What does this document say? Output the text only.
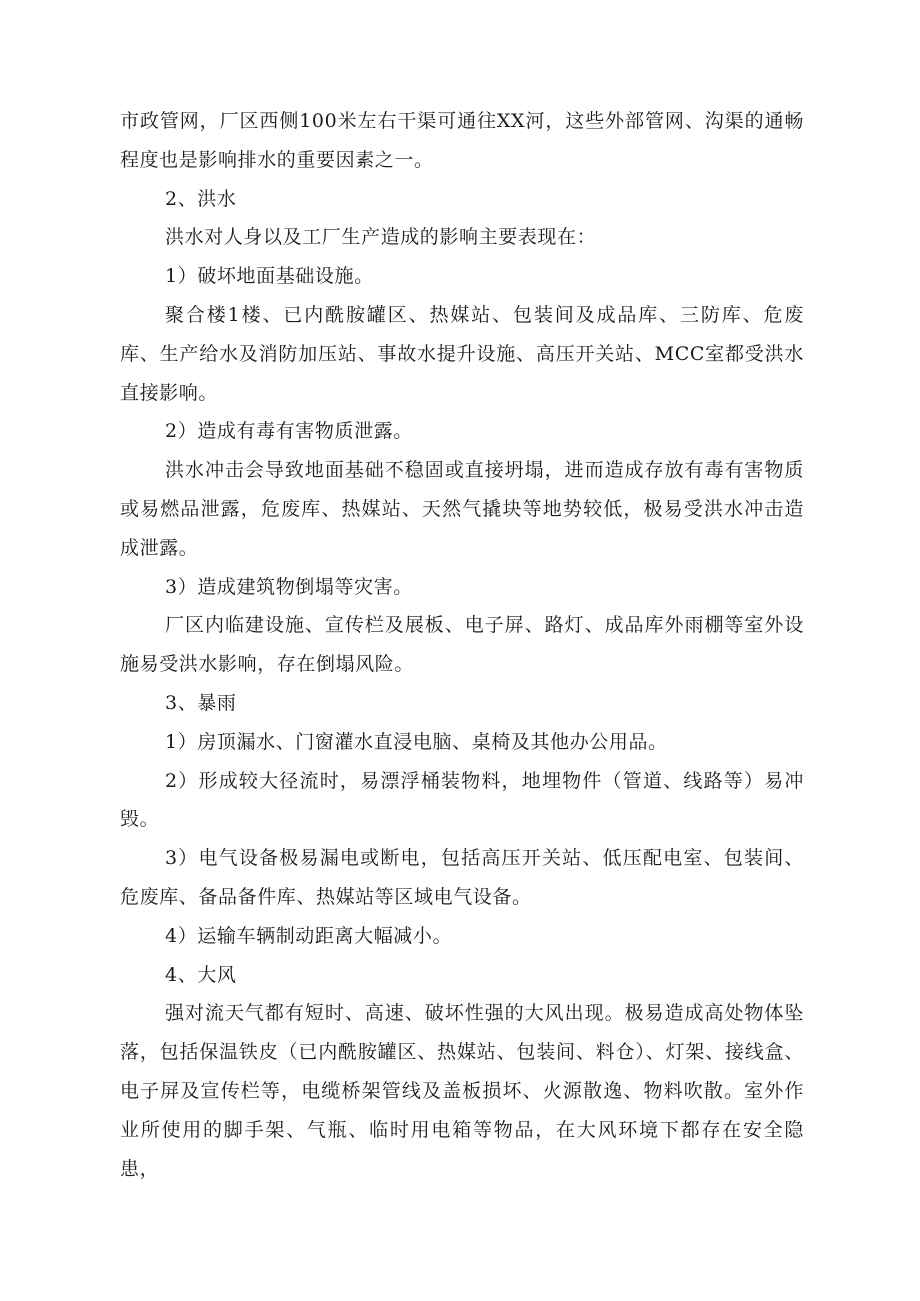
市政管网，厂区西侧100米左右干渠可通往XX河，这些外部管网、沟渠的通畅程度也是影响排水的重要因素之一。

2、洪水

洪水对人身以及工厂生产造成的影响主要表现在：

1）破坏地面基础设施。

聚合楼1楼、已内酰胺罐区、热媒站、包装间及成品库、三防库、危废库、生产给水及消防加压站、事故水提升设施、高压开关站、MCC室都受洪水直接影响。

2）造成有毒有害物质泄露。

洪水冲击会导致地面基础不稳固或直接坍塌，进而造成存放有毒有害物质或易燃品泄露，危废库、热媒站、天然气撬块等地势较低，极易受洪水冲击造成泄露。

3）造成建筑物倒塌等灾害。

厂区内临建设施、宣传栏及展板、电子屏、路灯、成品库外雨棚等室外设施易受洪水影响，存在倒塌风险。

3、暴雨

1）房顶漏水、门窗灌水直浸电脑、桌椅及其他办公用品。

2）形成较大径流时，易漂浮桶装物料，地埋物件（管道、线路等）易冲毁。

3）电气设备极易漏电或断电，包括高压开关站、低压配电室、包装间、危废库、备品备件库、热媒站等区域电气设备。

4）运输车辆制动距离大幅减小。

4、大风

强对流天气都有短时、高速、破坏性强的大风出现。极易造成高处物体坠落，包括保温铁皮（已内酰胺罐区、热媒站、包装间、料仓）、灯架、接线盒、电子屏及宣传栏等，电缆桥架管线及盖板损坏、火源散逸、物料吹散。室外作业所使用的脚手架、气瓶、临时用电箱等物品，在大风环境下都存在安全隐患，
